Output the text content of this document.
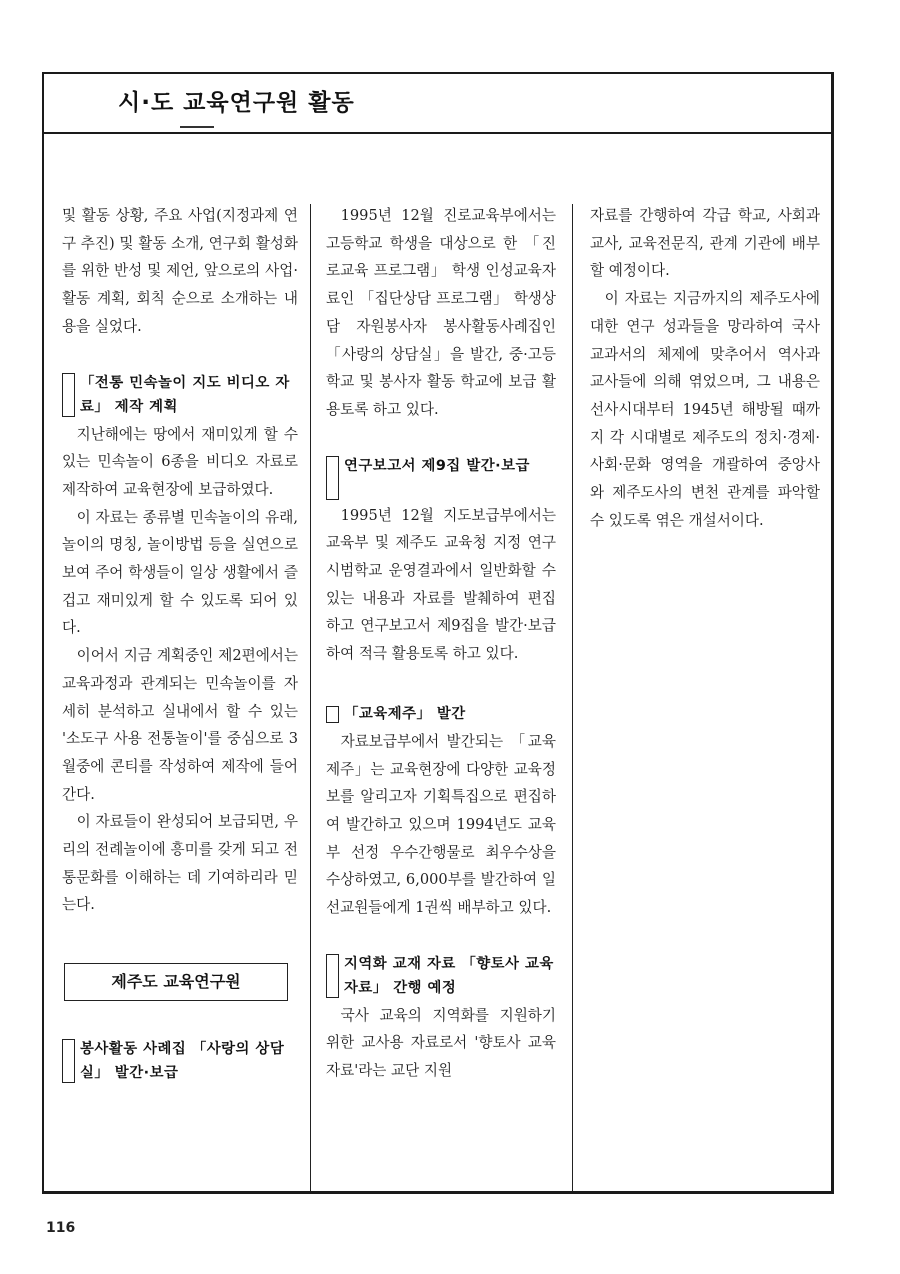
시·도 교육연구원 활동

및 활동 상황, 주요 사업(지정과제 연구 추진) 및 활동 소개, 연구회 활성화를 위한 반성 및 제언, 앞으로의 사업·활동 계획, 회칙 순으로 소개하는 내용을 실었다.

「전통 민속놀이 지도 비디오 자료」 제작 계획

지난해에는 땅에서 재미있게 할 수 있는 민속놀이 6종을 비디오 자료로 제작하여 교육현장에 보급하였다.

이 자료는 종류별 민속놀이의 유래, 놀이의 명칭, 놀이방법 등을 실연으로 보여 주어 학생들이 일상 생활에서 즐겁고 재미있게 할 수 있도록 되어 있다.

이어서 지금 계획중인 제2편에서는 교육과정과 관계되는 민속놀이를 자세히 분석하고 실내에서 할 수 있는 '소도구 사용 전통놀이'를 중심으로 3월중에 콘티를 작성하여 제작에 들어간다.

이 자료들이 완성되어 보급되면, 우리의 전례놀이에 흥미를 갖게 되고 전통문화를 이해하는 데 기여하리라 믿는다.

제주도 교육연구원
봉사활동 사례집 「사랑의 상담실」 발간·보급

1995년 12월 진로교육부에서는 고등학교 학생을 대상으로 한 「진로교육 프로그램」 학생 인성교육자료인 「집단상담 프로그램」 학생상담 자원봉사자 봉사활동사례집인 「사랑의 상담실」을 발간, 중·고등학교 및 봉사자 활동 학교에 보급 활용토록 하고 있다.

연구보고서 제9집 발간·보급

1995년 12월 지도보급부에서는 교육부 및 제주도 교육청 지정 연구시범학교 운영결과에서 일반화할 수 있는 내용과 자료를 발췌하여 편집하고 연구보고서 제9집을 발간·보급하여 적극 활용토록 하고 있다.

「교육제주」 발간

자료보급부에서 발간되는 「교육제주」는 교육현장에 다양한 교육정보를 알리고자 기획특집으로 편집하여 발간하고 있으며 1994년도 교육부 선정 우수간행물로 최우수상을 수상하였고, 6,000부를 발간하여 일선교원들에게 1권씩 배부하고 있다.

지역화 교재 자료 「향토사 교육자료」 간행 예정

국사 교육의 지역화를 지원하기 위한 교사용 자료로서 '향토사 교육자료'라는 교단 지원

자료를 간행하여 각급 학교, 사회과 교사, 교육전문직, 관계 기관에 배부할 예정이다.

이 자료는 지금까지의 제주도사에 대한 연구 성과들을 망라하여 국사교과서의 체제에 맞추어서 역사과 교사들에 의해 엮었으며, 그 내용은 선사시대부터 1945년 해방될 때까지 각 시대별로 제주도의 정치·경제·사회·문화 영역을 개괄하여 중앙사와 제주도사의 변천 관계를 파악할 수 있도록 엮은 개설서이다.

116
